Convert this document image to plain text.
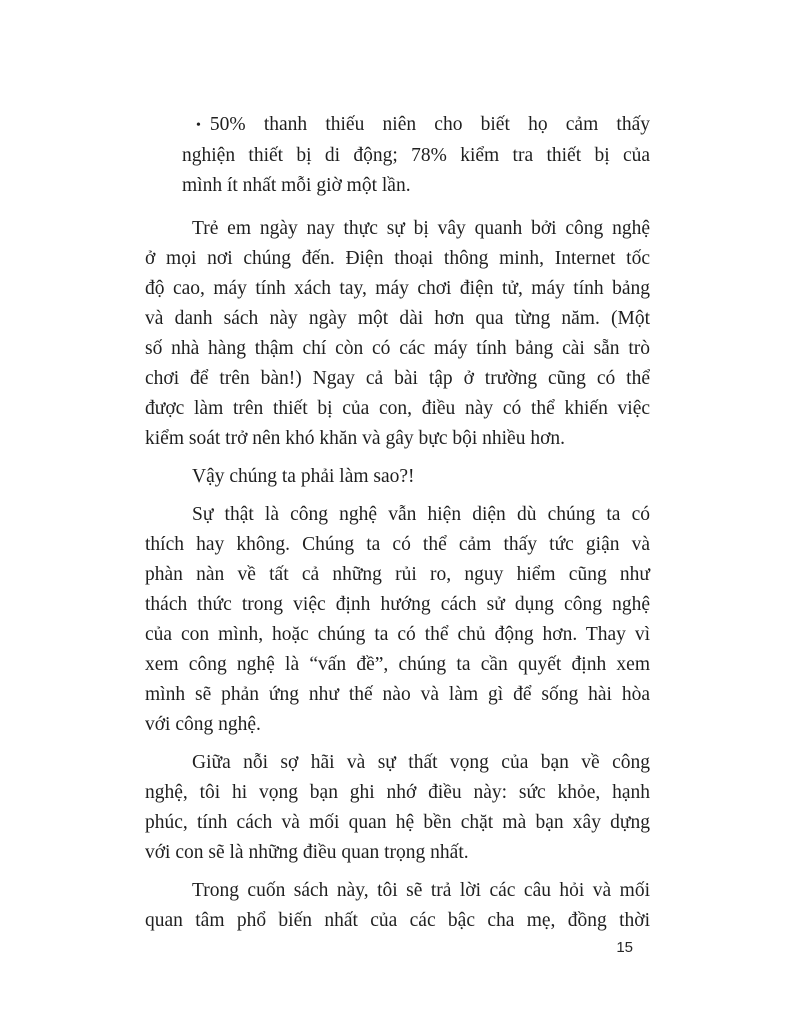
• 50% thanh thiếu niên cho biết họ cảm thấy
nghiện thiết bị di động; 78% kiểm tra thiết bị của
mình ít nhất mỗi giờ một lần.
Trẻ em ngày nay thực sự bị vây quanh bởi công nghệ
ở mọi nơi chúng đến. Điện thoại thông minh, Internet tốc
độ cao, máy tính xách tay, máy chơi điện tử, máy tính bảng
và danh sách này ngày một dài hơn qua từng năm. (Một
số nhà hàng thậm chí còn có các máy tính bảng cài sẵn trò
chơi để trên bàn!) Ngay cả bài tập ở trường cũng có thể
được làm trên thiết bị của con, điều này có thể khiến việc
kiểm soát trở nên khó khăn và gây bực bội nhiều hơn.
Vậy chúng ta phải làm sao?!
Sự thật là công nghệ vẫn hiện diện dù chúng ta có
thích hay không. Chúng ta có thể cảm thấy tức giận và
phàn nàn về tất cả những rủi ro, nguy hiểm cũng như
thách thức trong việc định hướng cách sử dụng công nghệ
của con mình, hoặc chúng ta có thể chủ động hơn. Thay vì
xem công nghệ là “vấn đề”, chúng ta cần quyết định xem
mình sẽ phản ứng như thế nào và làm gì để sống hài hòa
với công nghệ.
Giữa nỗi sợ hãi và sự thất vọng của bạn về công
nghệ, tôi hi vọng bạn ghi nhớ điều này: sức khỏe, hạnh
phúc, tính cách và mối quan hệ bền chặt mà bạn xây dựng
với con sẽ là những điều quan trọng nhất.
Trong cuốn sách này, tôi sẽ trả lời các câu hỏi và mối
quan tâm phổ biến nhất của các bậc cha mẹ, đồng thời
15
